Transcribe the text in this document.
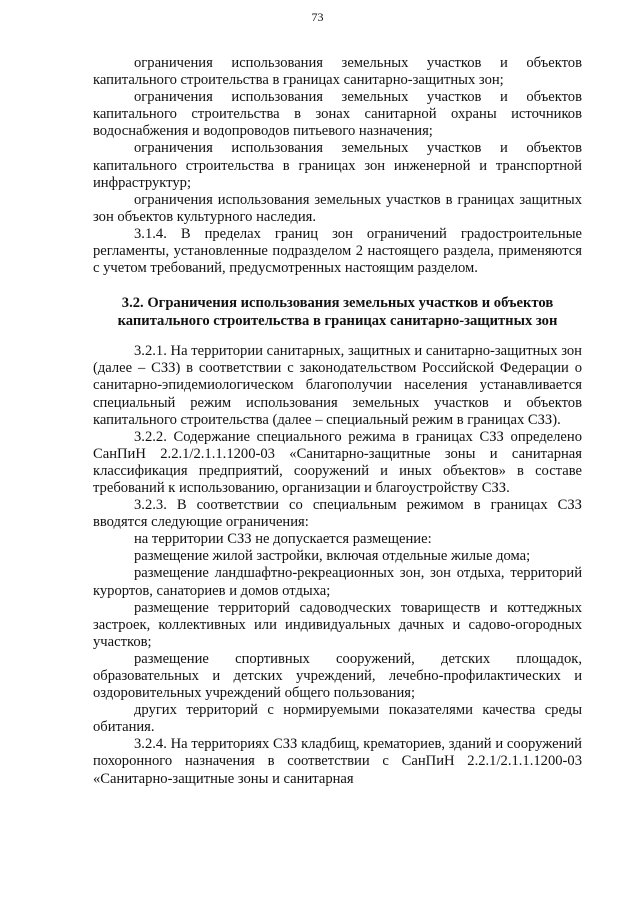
73

ограничения использования земельных участков и объектов капитального строительства в границах санитарно-защитных зон;

ограничения использования земельных участков и объектов капитального строительства в зонах санитарной охраны источников водоснабжения и водопроводов питьевого назначения;

ограничения использования земельных участков и объектов капитального строительства в границах зон инженерной и транспортной инфраструктур;

ограничения использования земельных участков в границах защитных зон объектов культурного наследия.

3.1.4. В пределах границ зон ограничений градостроительные регламенты, установленные подразделом 2 настоящего раздела, применяются с учетом требований, предусмотренных настоящим разделом.

3.2. Ограничения использования земельных участков и объектов капитального строительства в границах санитарно-защитных зон

3.2.1. На территории санитарных, защитных и санитарно-защитных зон (далее – СЗЗ) в соответствии с законодательством Российской Федерации о санитарно-эпидемиологическом благополучии населения устанавливается специальный режим использования земельных участков и объектов капитального строительства (далее – специальный режим в границах СЗЗ).

3.2.2. Содержание специального режима в границах СЗЗ определено СанПиН 2.2.1/2.1.1.1200-03 «Санитарно-защитные зоны и санитарная классификация предприятий, сооружений и иных объектов» в составе требований к использованию, организации и благоустройству СЗЗ.

3.2.3. В соответствии со специальным режимом в границах СЗЗ вводятся следующие ограничения:

на территории СЗЗ не допускается размещение:

размещение жилой застройки, включая отдельные жилые дома;

размещение ландшафтно-рекреационных зон, зон отдыха, территорий курортов, санаториев и домов отдыха;

размещение территорий садоводческих товариществ и коттеджных застроек, коллективных или индивидуальных дачных и садово-огородных участков;

размещение спортивных сооружений, детских площадок, образовательных и детских учреждений, лечебно-профилактических и оздоровительных учреждений общего пользования;

других территорий с нормируемыми показателями качества среды обитания.

3.2.4. На территориях СЗЗ кладбищ, крематориев, зданий и сооружений похоронного назначения в соответствии с СанПиН 2.2.1/2.1.1.1200-03 «Санитарно-защитные зоны и санитарная
